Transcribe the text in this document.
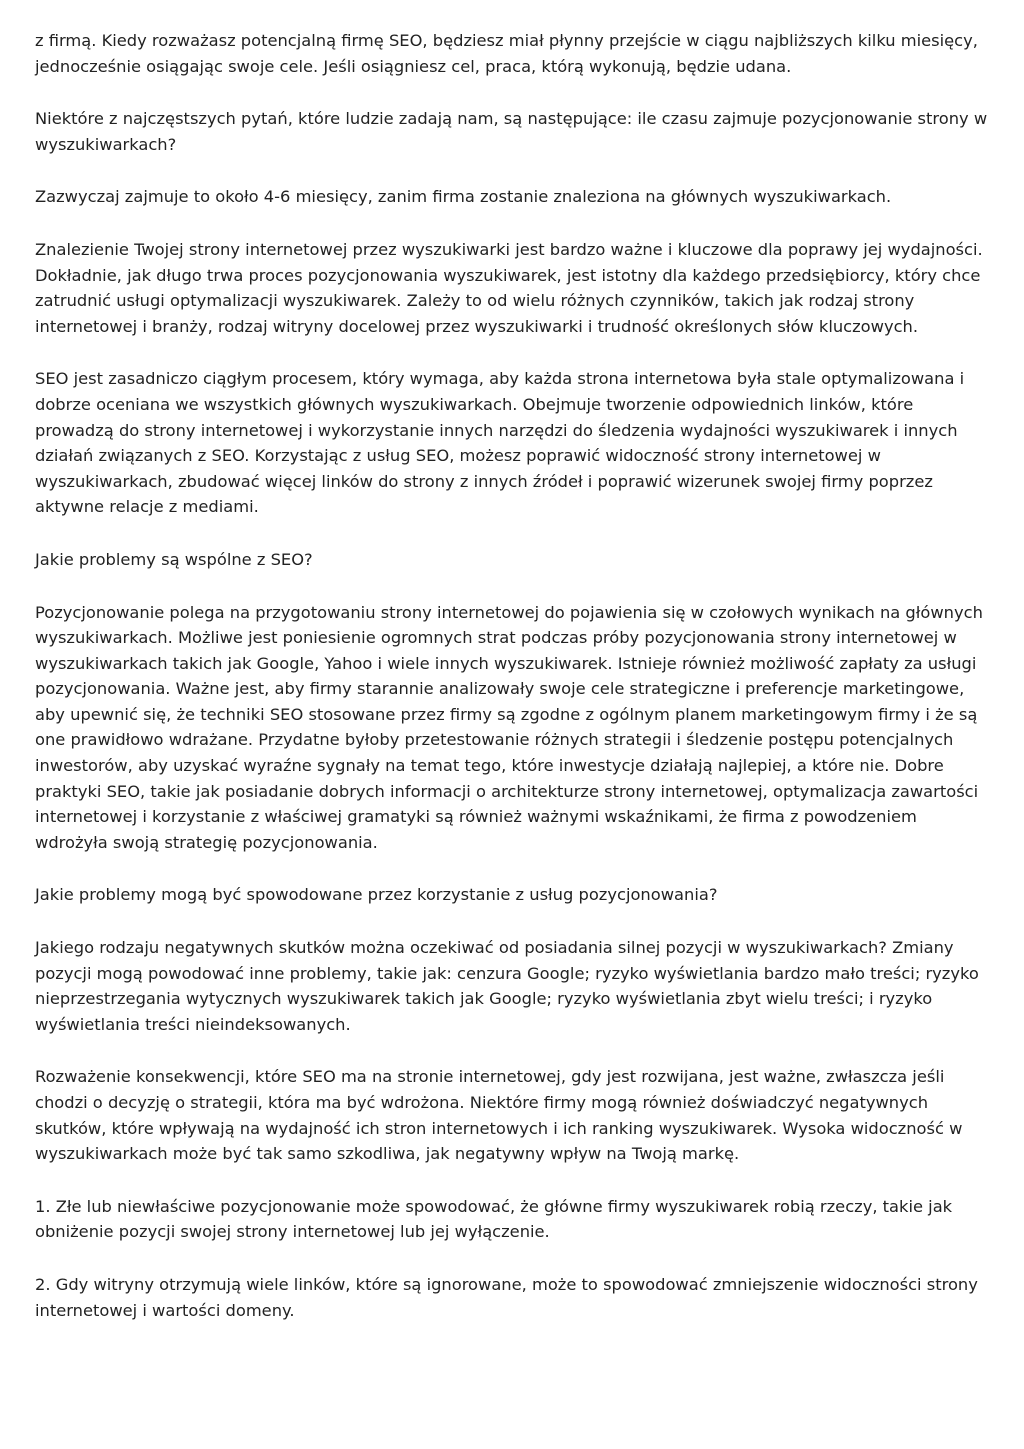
z firmą. Kiedy rozważasz potencjalną firmę SEO, będziesz miał płynny przejście w ciągu najbliższych kilku miesięcy, jednocześnie osiągając swoje cele. Jeśli osiągniesz cel, praca, którą wykonują, będzie udana.

Niektóre z najczęstszych pytań, które ludzie zadają nam, są następujące: ile czasu zajmuje pozycjonowanie strony w wyszukiwarkach?

Zazwyczaj zajmuje to około 4-6 miesięcy, zanim firma zostanie znaleziona na głównych wyszukiwarkach.

Znalezienie Twojej strony internetowej przez wyszukiwarki jest bardzo ważne i kluczowe dla poprawy jej wydajności. Dokładnie, jak długo trwa proces pozycjonowania wyszukiwarek, jest istotny dla każdego przedsiębiorcy, który chce zatrudnić usługi optymalizacji wyszukiwarek. Zależy to od wielu różnych czynników, takich jak rodzaj strony internetowej i branży, rodzaj witryny docelowej przez wyszukiwarki i trudność określonych słów kluczowych.

SEO jest zasadniczo ciągłym procesem, który wymaga, aby każda strona internetowa była stale optymalizowana i dobrze oceniana we wszystkich głównych wyszukiwarkach. Obejmuje tworzenie odpowiednich linków, które prowadzą do strony internetowej i wykorzystanie innych narzędzi do śledzenia wydajności wyszukiwarek i innych działań związanych z SEO. Korzystając z usług SEO, możesz poprawić widoczność strony internetowej w wyszukiwarkach, zbudować więcej linków do strony z innych źródeł i poprawić wizerunek swojej firmy poprzez aktywne relacje z mediami.

Jakie problemy są wspólne z SEO?

Pozycjonowanie polega na przygotowaniu strony internetowej do pojawienia się w czołowych wynikach na głównych wyszukiwarkach. Możliwe jest poniesienie ogromnych strat podczas próby pozycjonowania strony internetowej w wyszukiwarkach takich jak Google, Yahoo i wiele innych wyszukiwarek. Istnieje również możliwość zapłaty za usługi pozycjonowania. Ważne jest, aby firmy starannie analizowały swoje cele strategiczne i preferencje marketingowe, aby upewnić się, że techniki SEO stosowane przez firmy są zgodne z ogólnym planem marketingowym firmy i że są one prawidłowo wdrażane. Przydatne byłoby przetestowanie różnych strategii i śledzenie postępu potencjalnych inwestorów, aby uzyskać wyraźne sygnały na temat tego, które inwestycje działają najlepiej, a które nie. Dobre praktyki SEO, takie jak posiadanie dobrych informacji o architekturze strony internetowej, optymalizacja zawartości internetowej i korzystanie z właściwej gramatyki są również ważnymi wskaźnikami, że firma z powodzeniem wdrożyła swoją strategię pozycjonowania.

Jakie problemy mogą być spowodowane przez korzystanie z usług pozycjonowania?

Jakiego rodzaju negatywnych skutków można oczekiwać od posiadania silnej pozycji w wyszukiwarkach? Zmiany pozycji mogą powodować inne problemy, takie jak: cenzura Google; ryzyko wyświetlania bardzo mało treści; ryzyko nieprzestrzegania wytycznych wyszukiwarek takich jak Google; ryzyko wyświetlania zbyt wielu treści; i ryzyko wyświetlania treści nieindeksowanych.

Rozważenie konsekwencji, które SEO ma na stronie internetowej, gdy jest rozwijana, jest ważne, zwłaszcza jeśli chodzi o decyzję o strategii, która ma być wdrożona. Niektóre firmy mogą również doświadczyć negatywnych skutków, które wpływają na wydajność ich stron internetowych i ich ranking wyszukiwarek. Wysoka widoczność w wyszukiwarkach może być tak samo szkodliwa, jak negatywny wpływ na Twoją markę.

1. Złe lub niewłaściwe pozycjonowanie może spowodować, że główne firmy wyszukiwarek robią rzeczy, takie jak obniżenie pozycji swojej strony internetowej lub jej wyłączenie.

2. Gdy witryny otrzymują wiele linków, które są ignorowane, może to spowodować zmniejszenie widoczności strony internetowej i wartości domeny.
